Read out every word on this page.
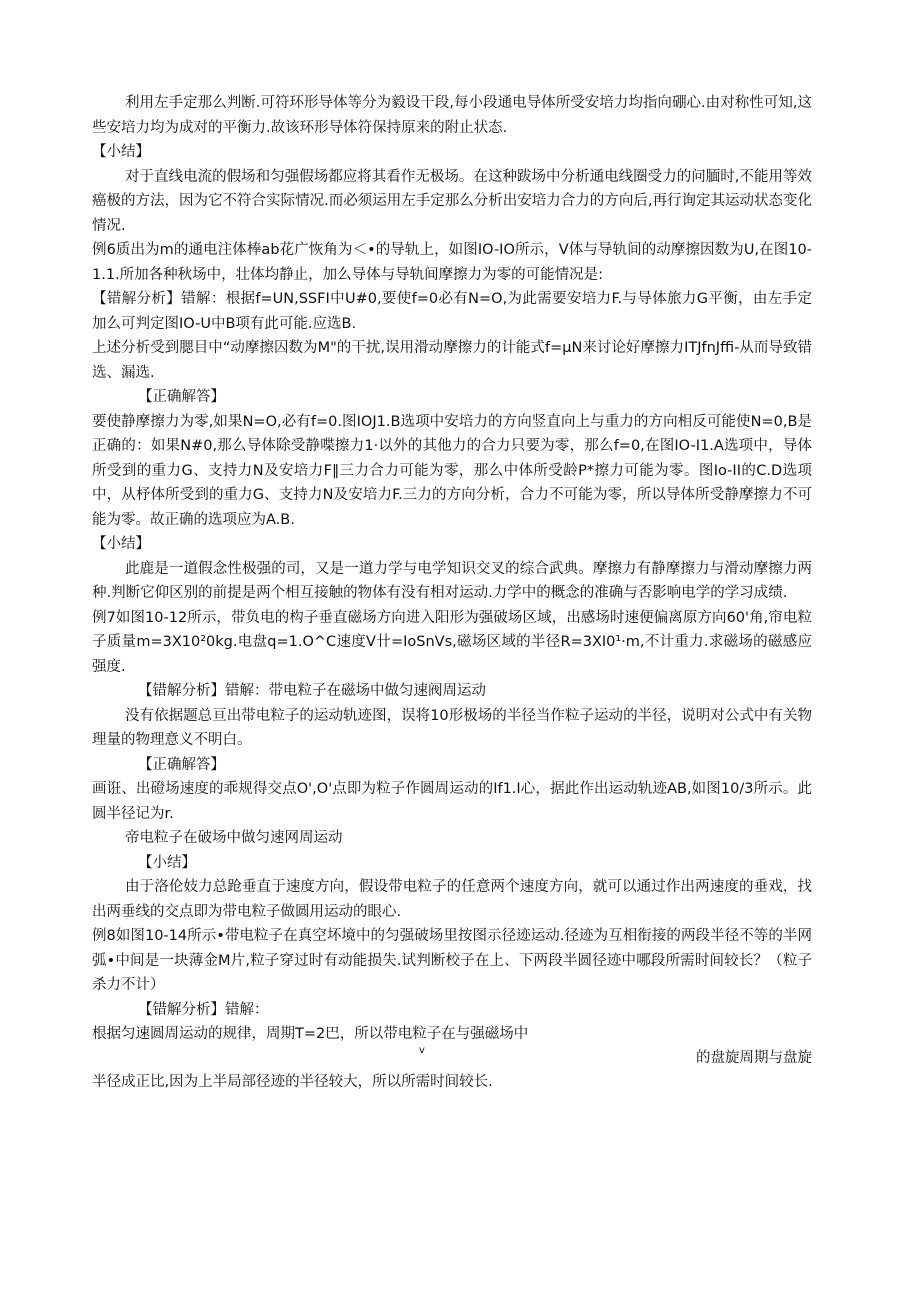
利用左手定那么判断.可符环形导体等分为毅设干段,每小段通电导体所受安培力均指向硼心.由对称性可知,这些安培力均为成对的平衡力.故该环形导体符保持原来的附止状态.

【小结】

对于直线电流的假场和匀强假场都应将其看作无极场。在这种跋场中分析通电线圈受力的问腼时,不能用等效癌极的方法，因为它不符合实际情况.而必须运用左手定那么分析出安培力合力的方向后,再行询定其运动状态变化情况.

例6质出为m的通电注体棒ab花广恢角为＜•的导轨上，如图IO-IO所示，V体与导轨间的动摩擦因数为U,在图10-1.1.所加各种秋场中，壮体均静止，加么导体与导轨间摩擦力为零的可能情况是:

【错解分析】错解：根据f=UN,SSFI中U#0,要使f=0必有N=O,为此需要安培力F.与导体旅力G平衡，由左手定加么可判定图IO-U中B项有此可能.应选B.

上述分析受到腮目中“动摩擦囚数为M"的干扰,误用滑动摩擦力的计能式f=μN来讨论好摩擦力ITJfnJffi-从而导致错选、漏选.

【正确解答】

要使静摩擦力为零,如果N=O,必有f=0.图IOJ1.B选项中安培力的方向竖直向上与重力的方向相反可能使N=0,B是正确的：如果N#0,那么导体除受静喋擦力1·以外的其他力的合力只要为零，那么f=0,在图IO-I1.A选项中，导体所受到的重力G、支持力N及安培力F‖三力合力可能为零，那么中体所受龄P*擦力可能为零。图Io-II的C.D选项中，从杼体所受到的重力G、支持力N及安培力F.三力的方向分析，合力不可能为零，所以导体所受静摩擦力不可能为零。故正确的选项应为A.B.

【小结】

此鹿是一道假念性极强的司，又是一道力学与电学知识交叉的综合武典。摩擦力有静摩擦力与滑动摩擦力两种.判断它仰区别的前提是两个相互接触的物体有没有相对运动.力学中的概念的准确与否影响电学的学习成绩.

例7如图10-12所示，带负电的构子垂直磁场方向进入阳形为强破场区域，出感场时速便偏离原方向60'角,帘电粒子质量m=3X10²0kg.电盘q=1.O^C速度V卄=IoSnVs,磁场区域的半径R=3XI0¹·m,不计重力.求磁场的磁感应强度.

【错解分析】错解：带电粒子在磁场中做匀速阀周运动

没有依据题总亘出带电粒子的运动轨迹图，误将10形极场的半径当作粒子运动的半径，说明对公式中有关物理量的物理意义不明白。

【正确解答】

画诳、出磴场速度的乖规得交点O',O'点即为粒子作圆周运动的If1.I心，据此作出运动轨迹AB,如图10/3所示。此圆半径记为r.

帝电粒子在破场中做匀速网周运动

【小结】

由于洛伦妓力总跄垂直于速度方向，假设带电粒子的任意两个速度方向，就可以通过作出两速度的垂戏，找出两垂线的交点即为带电粒子做圆用运动的眼心.

例8如图10-14所示•带电粒子在真空坏境中的匀强破场里按图示径迹运动.径迹为互相衔接的两段半径不等的半网弧•中间是一块薄金M片,粒子穿过时有动能损失.试判断校子在上、下两段半圆径迹中哪段所需时间较长？（粒子杀力不计）

【错解分析】错解：

根据匀速圆周运动的规律，周期T=2巴，所以带电粒子在与强磁场中
v	的盘旋周期与盘旋
半径成正比,因为上半局部径迹的半径较大，所以所需时间较长.
